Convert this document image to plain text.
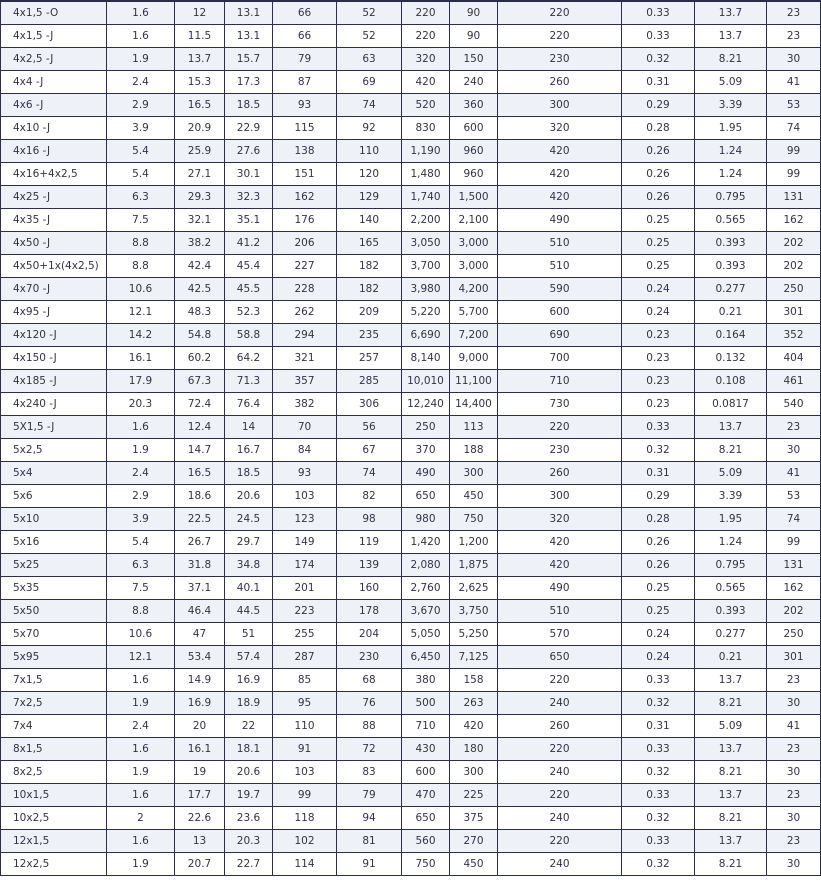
4x1,5 -O	1.6	12	13.1	66	52	220	90	220	0.33	13.7	23
4x1,5 -J	1.6	11.5	13.1	66	52	220	90	220	0.33	13.7	23
4x2,5 -J	1.9	13.7	15.7	79	63	320	150	230	0.32	8.21	30
4x4 -J	2.4	15.3	17.3	87	69	420	240	260	0.31	5.09	41
4x6 -J	2.9	16.5	18.5	93	74	520	360	300	0.29	3.39	53
4x10 -J	3.9	20.9	22.9	115	92	830	600	320	0.28	1.95	74
4x16 -J	5.4	25.9	27.6	138	110	1,190	960	420	0.26	1.24	99
4x16+4x2,5	5.4	27.1	30.1	151	120	1,480	960	420	0.26	1.24	99
4x25 -J	6.3	29.3	32.3	162	129	1,740	1,500	420	0.26	0.795	131
4x35 -J	7.5	32.1	35.1	176	140	2,200	2,100	490	0.25	0.565	162
4x50 -J	8.8	38.2	41.2	206	165	3,050	3,000	510	0.25	0.393	202
4x50+1x(4x2,5)	8.8	42.4	45.4	227	182	3,700	3,000	510	0.25	0.393	202
4x70 -J	10.6	42.5	45.5	228	182	3,980	4,200	590	0.24	0.277	250
4x95 -J	12.1	48.3	52.3	262	209	5,220	5,700	600	0.24	0.21	301
4x120 -J	14.2	54.8	58.8	294	235	6,690	7,200	690	0.23	0.164	352
4x150 -J	16.1	60.2	64.2	321	257	8,140	9,000	700	0.23	0.132	404
4x185 -J	17.9	67.3	71.3	357	285	10,010	11,100	710	0.23	0.108	461
4x240 -J	20.3	72.4	76.4	382	306	12,240	14,400	730	0.23	0.0817	540
5X1,5 -J	1.6	12.4	14	70	56	250	113	220	0.33	13.7	23
5x2,5	1.9	14.7	16.7	84	67	370	188	230	0.32	8.21	30
5x4	2.4	16.5	18.5	93	74	490	300	260	0.31	5.09	41
5x6	2.9	18.6	20.6	103	82	650	450	300	0.29	3.39	53
5x10	3.9	22.5	24.5	123	98	980	750	320	0.28	1.95	74
5x16	5.4	26.7	29.7	149	119	1,420	1,200	420	0.26	1.24	99
5x25	6.3	31.8	34.8	174	139	2,080	1,875	420	0.26	0.795	131
5x35	7.5	37.1	40.1	201	160	2,760	2,625	490	0.25	0.565	162
5x50	8.8	46.4	44.5	223	178	3,670	3,750	510	0.25	0.393	202
5x70	10.6	47	51	255	204	5,050	5,250	570	0.24	0.277	250
5x95	12.1	53.4	57.4	287	230	6,450	7,125	650	0.24	0.21	301
7x1,5	1.6	14.9	16.9	85	68	380	158	220	0.33	13.7	23
7x2,5	1.9	16.9	18.9	95	76	500	263	240	0.32	8.21	30
7x4	2.4	20	22	110	88	710	420	260	0.31	5.09	41
8x1,5	1.6	16.1	18.1	91	72	430	180	220	0.33	13.7	23
8x2,5	1.9	19	20.6	103	83	600	300	240	0.32	8.21	30
10x1,5	1.6	17.7	19.7	99	79	470	225	220	0.33	13.7	23
10x2,5	2	22.6	23.6	118	94	650	375	240	0.32	8.21	30
12x1,5	1.6	13	20.3	102	81	560	270	220	0.33	13.7	23
12x2,5	1.9	20.7	22.7	114	91	750	450	240	0.32	8.21	30
